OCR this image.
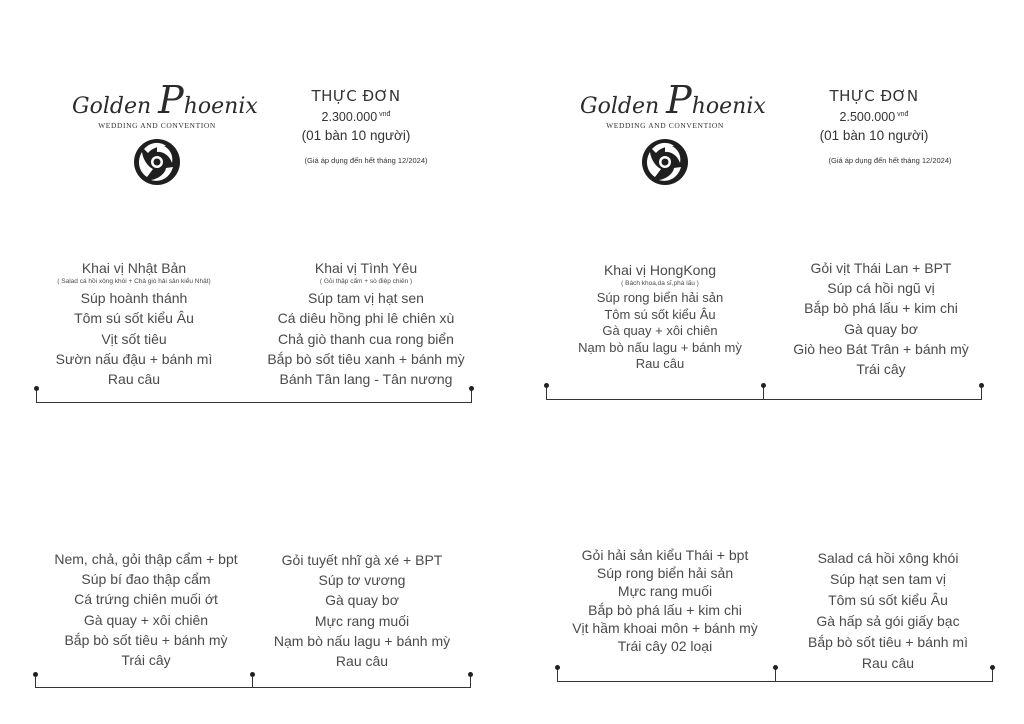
Golden Phoenix
WEDDING AND CONVENTION
THỰC ĐƠN
2.300.000 $^{vnđ}$
(01 bàn 10 người)
(Giá áp dụng đến hết tháng 12/2024)
Golden Phoenix
WEDDING AND CONVENTION
THỰC ĐƠN
2.500.000 $^{vnđ}$
(01 bàn 10 người)
(Giá áp dụng đến hết tháng 12/2024)
Khai vị Nhật Bản
( Salad cá hồi xông khói + Chả giò hải sản kiểu Nhật)
Súp hoành thánh
Tôm sú sốt kiểu Âu
Vịt sốt tiêu
Sườn nấu đậu + bánh mì
Rau câu
Khai vị Tình Yêu
( Gỏi thập cẩm + sò điệp chiên )
Súp tam vị hạt sen
Cá diêu hồng phi lê chiên xù
Chả giò thanh cua rong biển
Bắp bò sốt tiêu xanh + bánh mỳ
Bánh Tân lang - Tân nương
Khai vị HongKong
( Bách khoa,da sĩ,phá lấu )
Súp rong biển hải sản
Tôm sú sốt kiểu Âu
Gà quay + xôi chiên
Nạm bò nấu lagu + bánh mỳ
Rau câu
Gỏi vịt Thái Lan + BPT
Súp cá hồi ngũ vị
Bắp bò phá lấu + kim chi
Gà quay bơ
Giò heo Bát Trân + bánh mỳ
Trái cây
Nem, chả, gỏi thập cẩm + bpt
Súp bí đao thập cẩm
Cá trứng chiên muối ớt
Gà quay + xôi chiên
Bắp bò sốt tiêu + bánh mỳ
Trái cây
Gỏi tuyết nhĩ gà xé + BPT
Súp tơ vương
Gà quay bơ
Mực rang muối
Nạm bò nấu lagu + bánh mỳ
Rau câu
Gỏi hải sản kiểu Thái + bpt
Súp rong biển hải sản
Mực rang muối
Bắp bò phá lấu + kim chi
Vịt hầm khoai môn + bánh mỳ
Trái cây 02 loại
Salad cá hồi xông khói
Súp hạt sen tam vị
Tôm sú sốt kiểu Âu
Gà hấp sả gói giấy bạc
Bắp bò sốt tiêu + bánh mì
Rau câu
